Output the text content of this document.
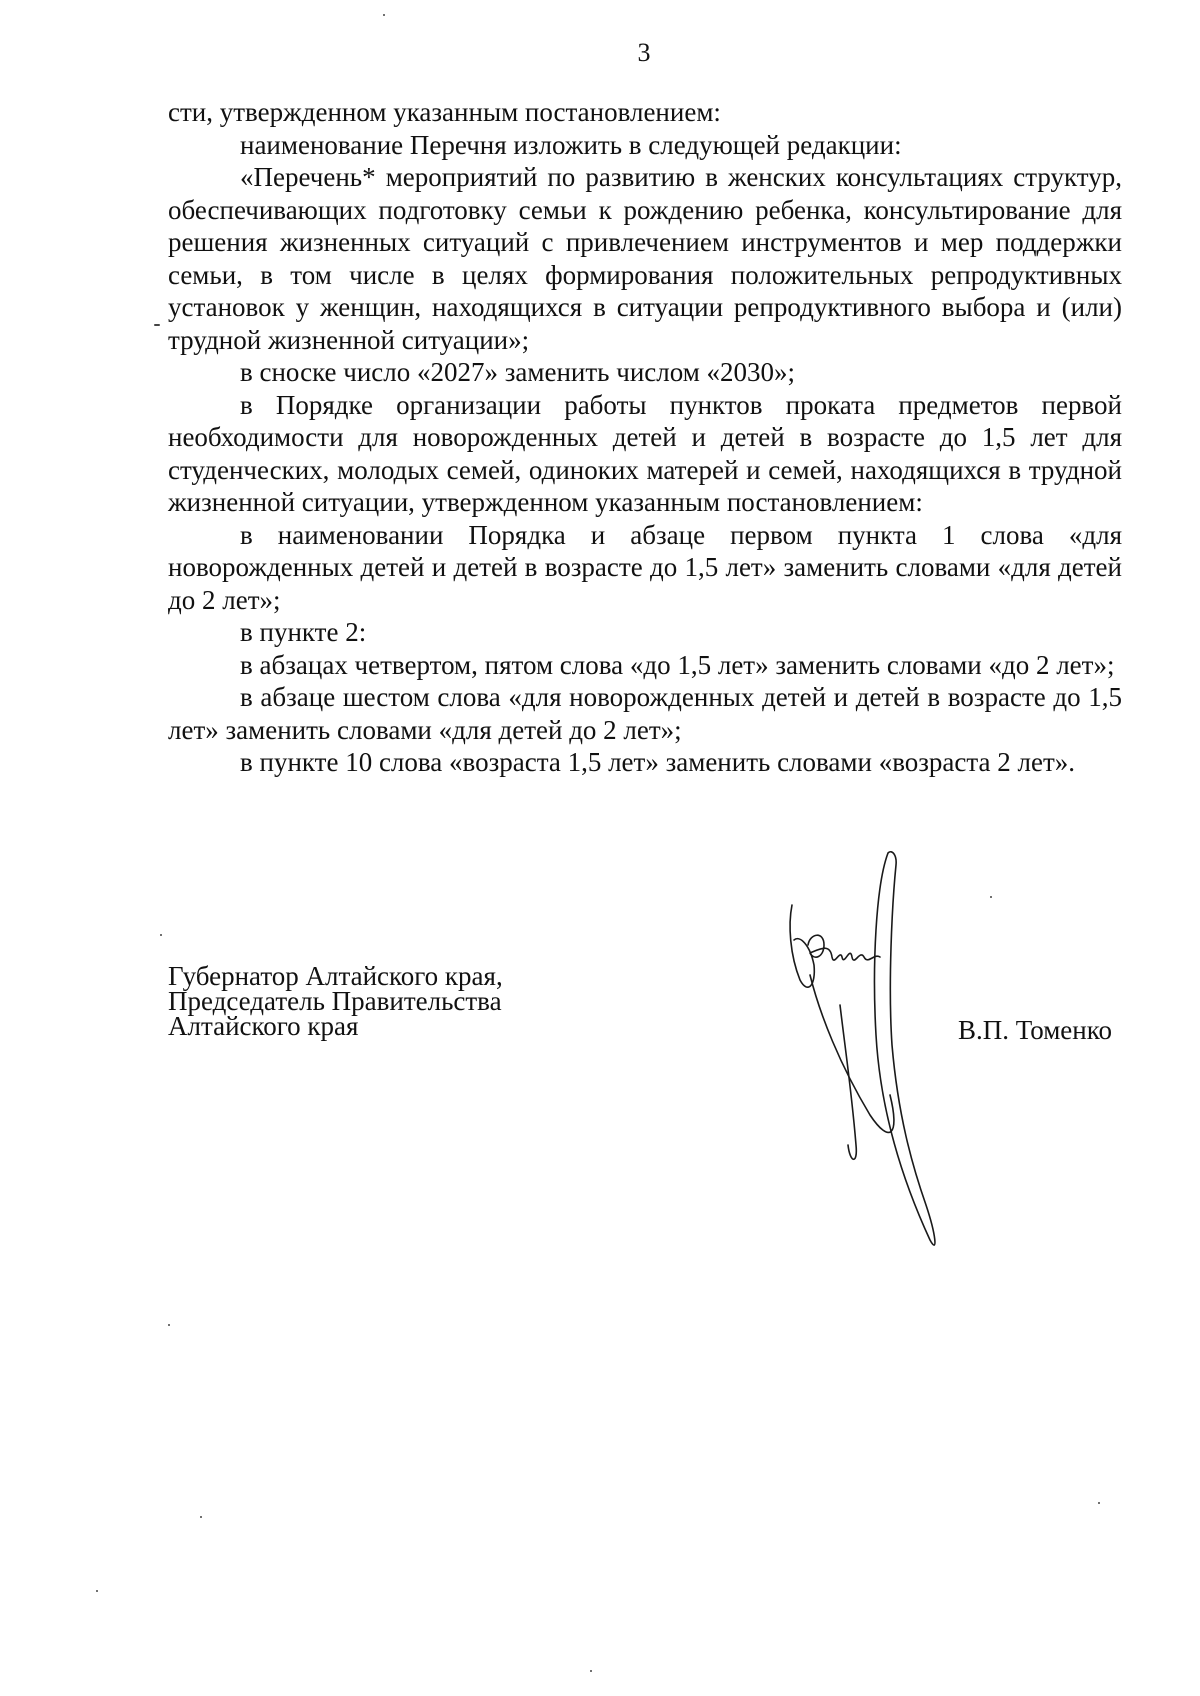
3

сти, утвержденном указанным постановлением:

наименование Перечня изложить в следующей редакции:

«Перечень* мероприятий по развитию в женских консультациях структур, обеспечивающих подготовку семьи к рождению ребенка, консультирование для решения жизненных ситуаций с привлечением инструментов и мер поддержки семьи, в том числе в целях формирования положительных репродуктивных установок у женщин, находящихся в ситуации репродуктивного выбора и (или) трудной жизненной ситуации»;

в сноске число «2027» заменить числом «2030»;

в Порядке организации работы пунктов проката предметов первой необходимости для новорожденных детей и детей в возрасте до 1,5 лет для студенческих, молодых семей, одиноких матерей и семей, находящихся в трудной жизненной ситуации, утвержденном указанным постановлением:

в наименовании Порядка и абзаце первом пункта 1 слова «для новорожденных детей и детей в возрасте до 1,5 лет» заменить словами «для детей до 2 лет»;

в пункте 2:

в абзацах четвертом, пятом слова «до 1,5 лет» заменить словами «до 2 лет»;

в абзаце шестом слова «для новорожденных детей и детей в возрасте до 1,5 лет» заменить словами «для детей до 2 лет»;

в пункте 10 слова «возраста 1,5 лет» заменить словами «возраста 2 лет».

Губернатор Алтайского края,
Председатель Правительства
Алтайского края	В.П. Томенко
